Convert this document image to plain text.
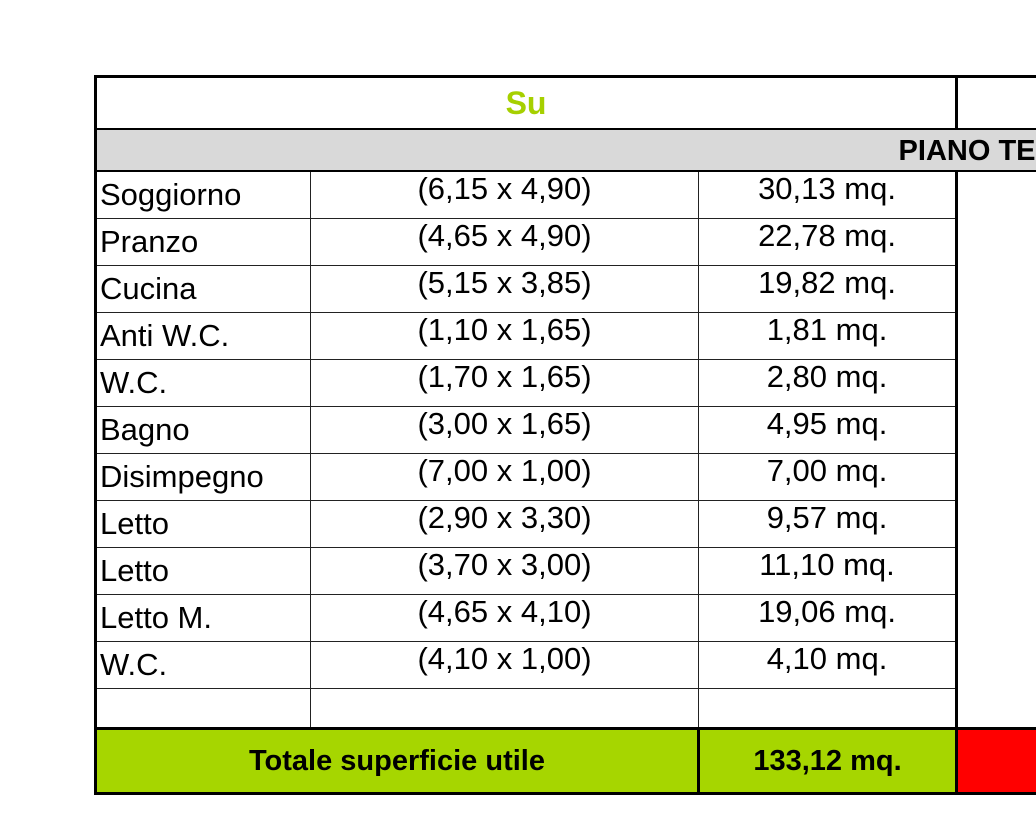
Su			
PIANO TE			
Soggiorno	(6,15 x 4,90)	30,13 mq.	
Pranzo	(4,65 x 4,90)	22,78 mq.	
Cucina	(5,15 x 3,85)	19,82 mq.	
Anti W.C.	(1,10 x 1,65)	1,81 mq.	
W.C.	(1,70 x 1,65)	2,80 mq.	
Bagno	(3,00 x 1,65)	4,95 mq.	
Disimpegno	(7,00 x 1,00)	7,00 mq.	
Letto	(2,90 x 3,30)	9,57 mq.	
Letto	(3,70 x 3,00)	11,10 mq.	
Letto M.	(4,65 x 4,10)	19,06 mq.	
W.C.	(4,10 x 1,00)	4,10 mq.	

Totale superficie utile		133,12 mq.	
